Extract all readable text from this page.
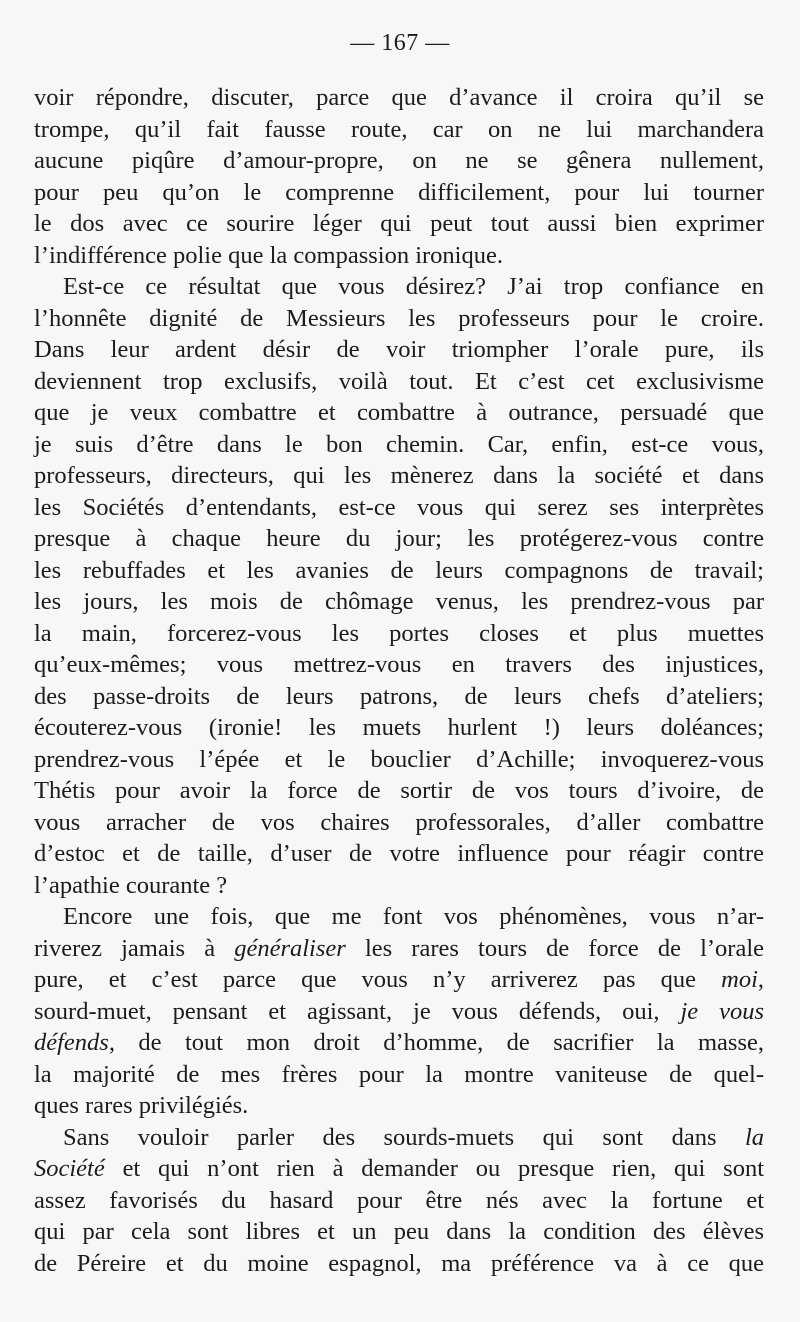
— 167 —
voir répondre, discuter, parce que d’avance il croira qu’il se
trompe, qu’il fait fausse route, car on ne lui marchandera
aucune piqûre d’amour-propre, on ne se gênera nullement,
pour peu qu’on le comprenne difficilement, pour lui tourner
le dos avec ce sourire léger qui peut tout aussi bien exprimer
l’indifférence polie que la compassion ironique.
Est-ce ce résultat que vous désirez? J’ai trop confiance en
l’honnête dignité de Messieurs les professeurs pour le croire.
Dans leur ardent désir de voir triompher l’orale pure, ils
deviennent trop exclusifs, voilà tout. Et c’est cet exclusivisme
que je veux combattre et combattre à outrance, persuadé que
je suis d’être dans le bon chemin. Car, enfin, est-ce vous,
professeurs, directeurs, qui les mènerez dans la société et dans
les Sociétés d’entendants, est-ce vous qui serez ses interprètes
presque à chaque heure du jour; les protégerez-vous contre
les rebuffades et les avanies de leurs compagnons de travail;
les jours, les mois de chômage venus, les prendrez-vous par
la main, forcerez-vous les portes closes et plus muettes
qu’eux-mêmes; vous mettrez-vous en travers des injustices,
des passe-droits de leurs patrons, de leurs chefs d’ateliers;
écouterez-vous (ironie! les muets hurlent !) leurs doléances;
prendrez-vous l’épée et le bouclier d’Achille; invoquerez-vous
Thétis pour avoir la force de sortir de vos tours d’ivoire, de
vous arracher de vos chaires professorales, d’aller combattre
d’estoc et de taille, d’user de votre influence pour réagir contre
l’apathie courante ?
Encore une fois, que me font vos phénomènes, vous n’ar-
riverez jamais à généraliser les rares tours de force de l’orale
pure, et c’est parce que vous n’y arriverez pas que moi,
sourd-muet, pensant et agissant, je vous défends, oui, je vous
défends, de tout mon droit d’homme, de sacrifier la masse,
la majorité de mes frères pour la montre vaniteuse de quel-
ques rares privilégiés.
Sans vouloir parler des sourds-muets qui sont dans la
Société et qui n’ont rien à demander ou presque rien, qui sont
assez favorisés du hasard pour être nés avec la fortune et
qui par cela sont libres et un peu dans la condition des élèves
de Péreire et du moine espagnol, ma préférence va à ce que
